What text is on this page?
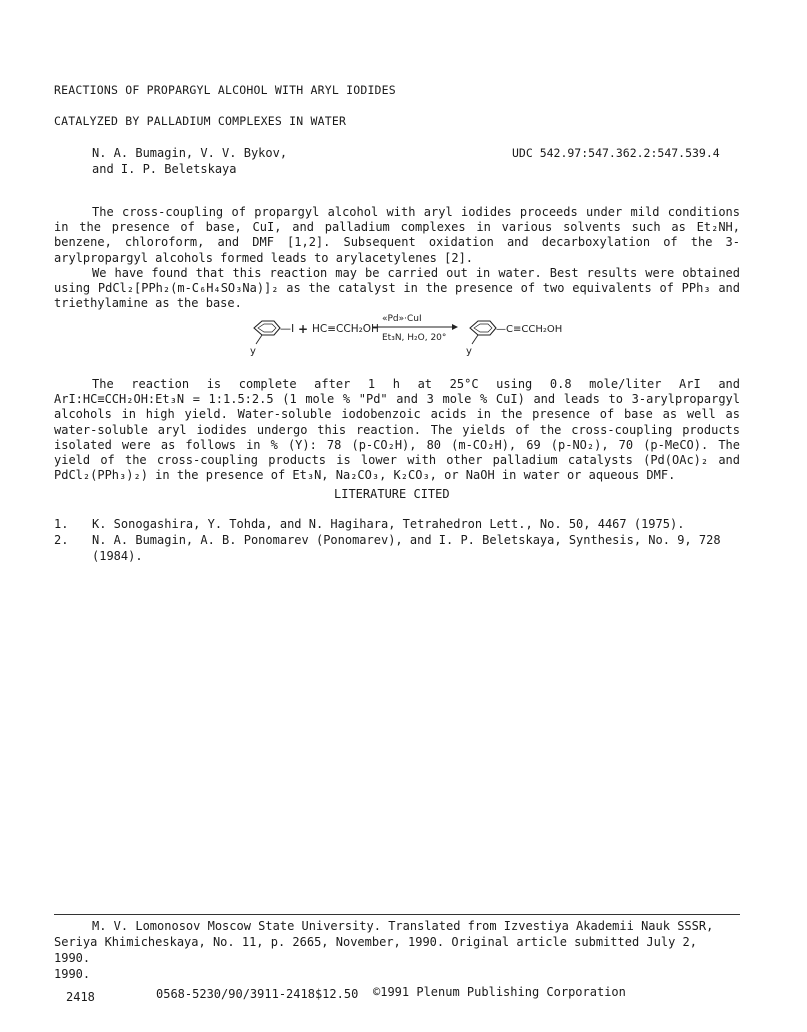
REACTIONS OF PROPARGYL ALCOHOL WITH ARYL IODIDES
CATALYZED BY PALLADIUM COMPLEXES IN WATER
N. A. Bumagin, V. V. Bykov,
and I. P. Beletskaya
UDC 542.97:547.362.2:547.539.4

The cross-coupling of propargyl alcohol with aryl iodides proceeds under mild conditions in the presence of base, CuI, and palladium complexes in various solvents such as Et₂NH, benzene, chloroform, and DMF [1,2]. Subsequent oxidation and decarboxylation of the 3-arylpropargyl alcohols formed leads to arylacetylenes [2].

We have found that this reaction may be carried out in water. Best results were obtained using PdCl₂[PPh₂(m-C₆H₄SO₃Na)]₂ as the catalyst in the presence of two equivalents of PPh₃ and triethylamine as the base.

y
—I + HC≡CCH₂OH
«Pd»·CuI
Et₃N, H₂O, 20°
y
—C≡CCH₂OH

The reaction is complete after 1 h at 25°C using 0.8 mole/liter ArI and ArI:HC≡CCH₂OH:Et₃N = 1:1.5:2.5 (1 mole % "Pd" and 3 mole % CuI) and leads to 3-arylpropargyl alcohols in high yield. Water-soluble iodobenzoic acids in the presence of base as well as water-soluble aryl iodides undergo this reaction. The yields of the cross-coupling products isolated were as follows in % (Y): 78 (p-CO₂H), 80 (m-CO₂H), 69 (p-NO₂), 70 (p-MeCO). The yield of the cross-coupling products is lower with other palladium catalysts (Pd(OAc)₂ and PdCl₂(PPh₃)₂) in the presence of Et₃N, Na₂CO₃, K₂CO₃, or NaOH in water or aqueous DMF.

LITERATURE CITED
1. K. Sonogashira, Y. Tohda, and N. Hagihara, Tetrahedron Lett., No. 50, 4467 (1975).
2. N. A. Bumagin, A. B. Ponomarev (Ponomarev), and I. P. Beletskaya, Synthesis, No. 9, 728 (1984).

M. V. Lomonosov Moscow State University. Translated from Izvestiya Akademii Nauk SSSR, Seriya Khimicheskaya, No. 11, p. 2665, November, 1990. Original article submitted July 2, 1990.

1990.
2418	0568-5230/90/3911-2418$12.50 ©1991 Plenum Publishing Corporation
